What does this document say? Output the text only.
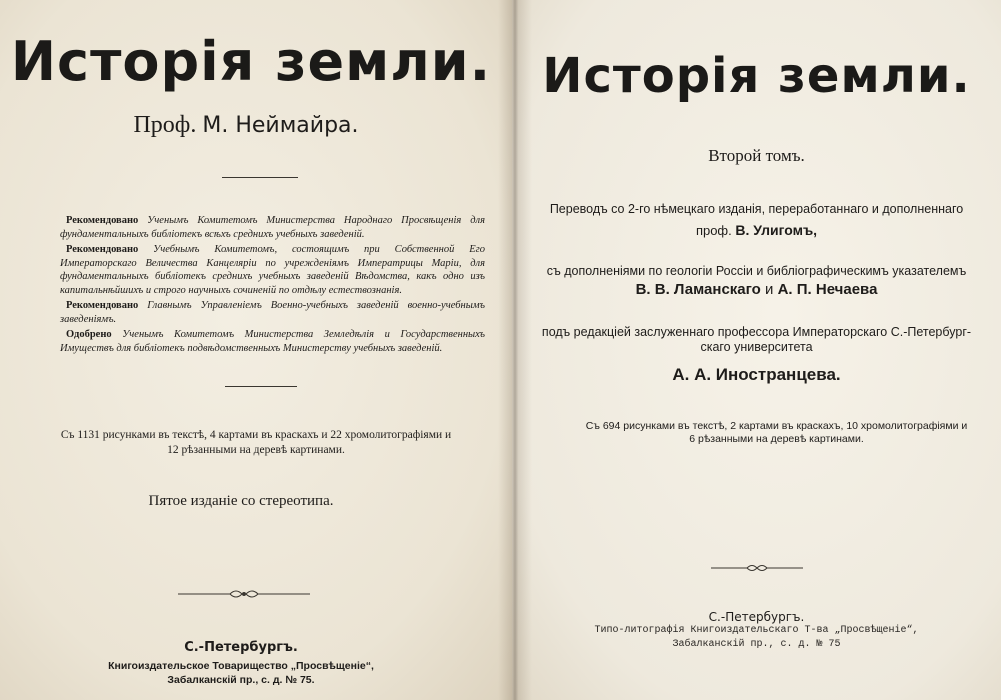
Исторія земли.
Проф. М. Неймайра.

Рекомендовано Ученымъ Комитетомъ Министерства Народнаго Просвѣщенія для фундаментальныхъ библіотекъ всѣхъ среднихъ учебныхъ заведеній.

Рекомендовано Учебнымъ Комитетомъ, состоящимъ при Собственной Его Императорскаго Величества Канцеляріи по учрежденіямъ Императрицы Маріи, для фундаментальныхъ библіотекъ среднихъ учебныхъ заведеній Вѣдомства, какъ одно изъ капитальнѣйшихъ и строго научныхъ сочиненій по отдѣлу естествознанія.

Рекомендовано Главнымъ Управленіемъ Военно-учебныхъ заведеній военно-учебнымъ заведеніямъ.

Одобрено Ученымъ Комитетомъ Министерства Земледѣлія и Государственныхъ Имуществъ для библіотекъ подвѣдомственныхъ Министерству учебныхъ заведеній.

Съ 1131 рисунками въ текстѣ, 4 картами въ краскахъ и 22 хромолитографіями и
12 рѣзанными на деревѣ картинами.
Пятое изданіе со стереотипа.
С.-Петербургъ.
Книгоиздательское Товарищество „Просвѣщеніе“,
Забалканскій пр., с. д. № 75.
Исторія земли.
Второй томъ.
Переводъ со 2-го нѣмецкаго изданія, переработаннаго и дополненнаго
проф. В. Улигомъ,
съ дополненіями по геологіи Россіи и библіографическимъ указателемъ
В. В. Ламанскаго и А. П. Нечаева
подъ редакціей заслуженнаго профессора Императорскаго С.-Петербург-
скаго университета
А. А. Иностранцева.
Съ 694 рисунками въ текстѣ, 2 картами въ краскахъ, 10 хромолитографіями и
6 рѣзанными на деревѣ картинами.
С.-Петербургъ.
Типо-литографія Книгоиздательскаго Т-ва „Просвѣщеніе“,
Забалканскій пр., с. д. № 75
